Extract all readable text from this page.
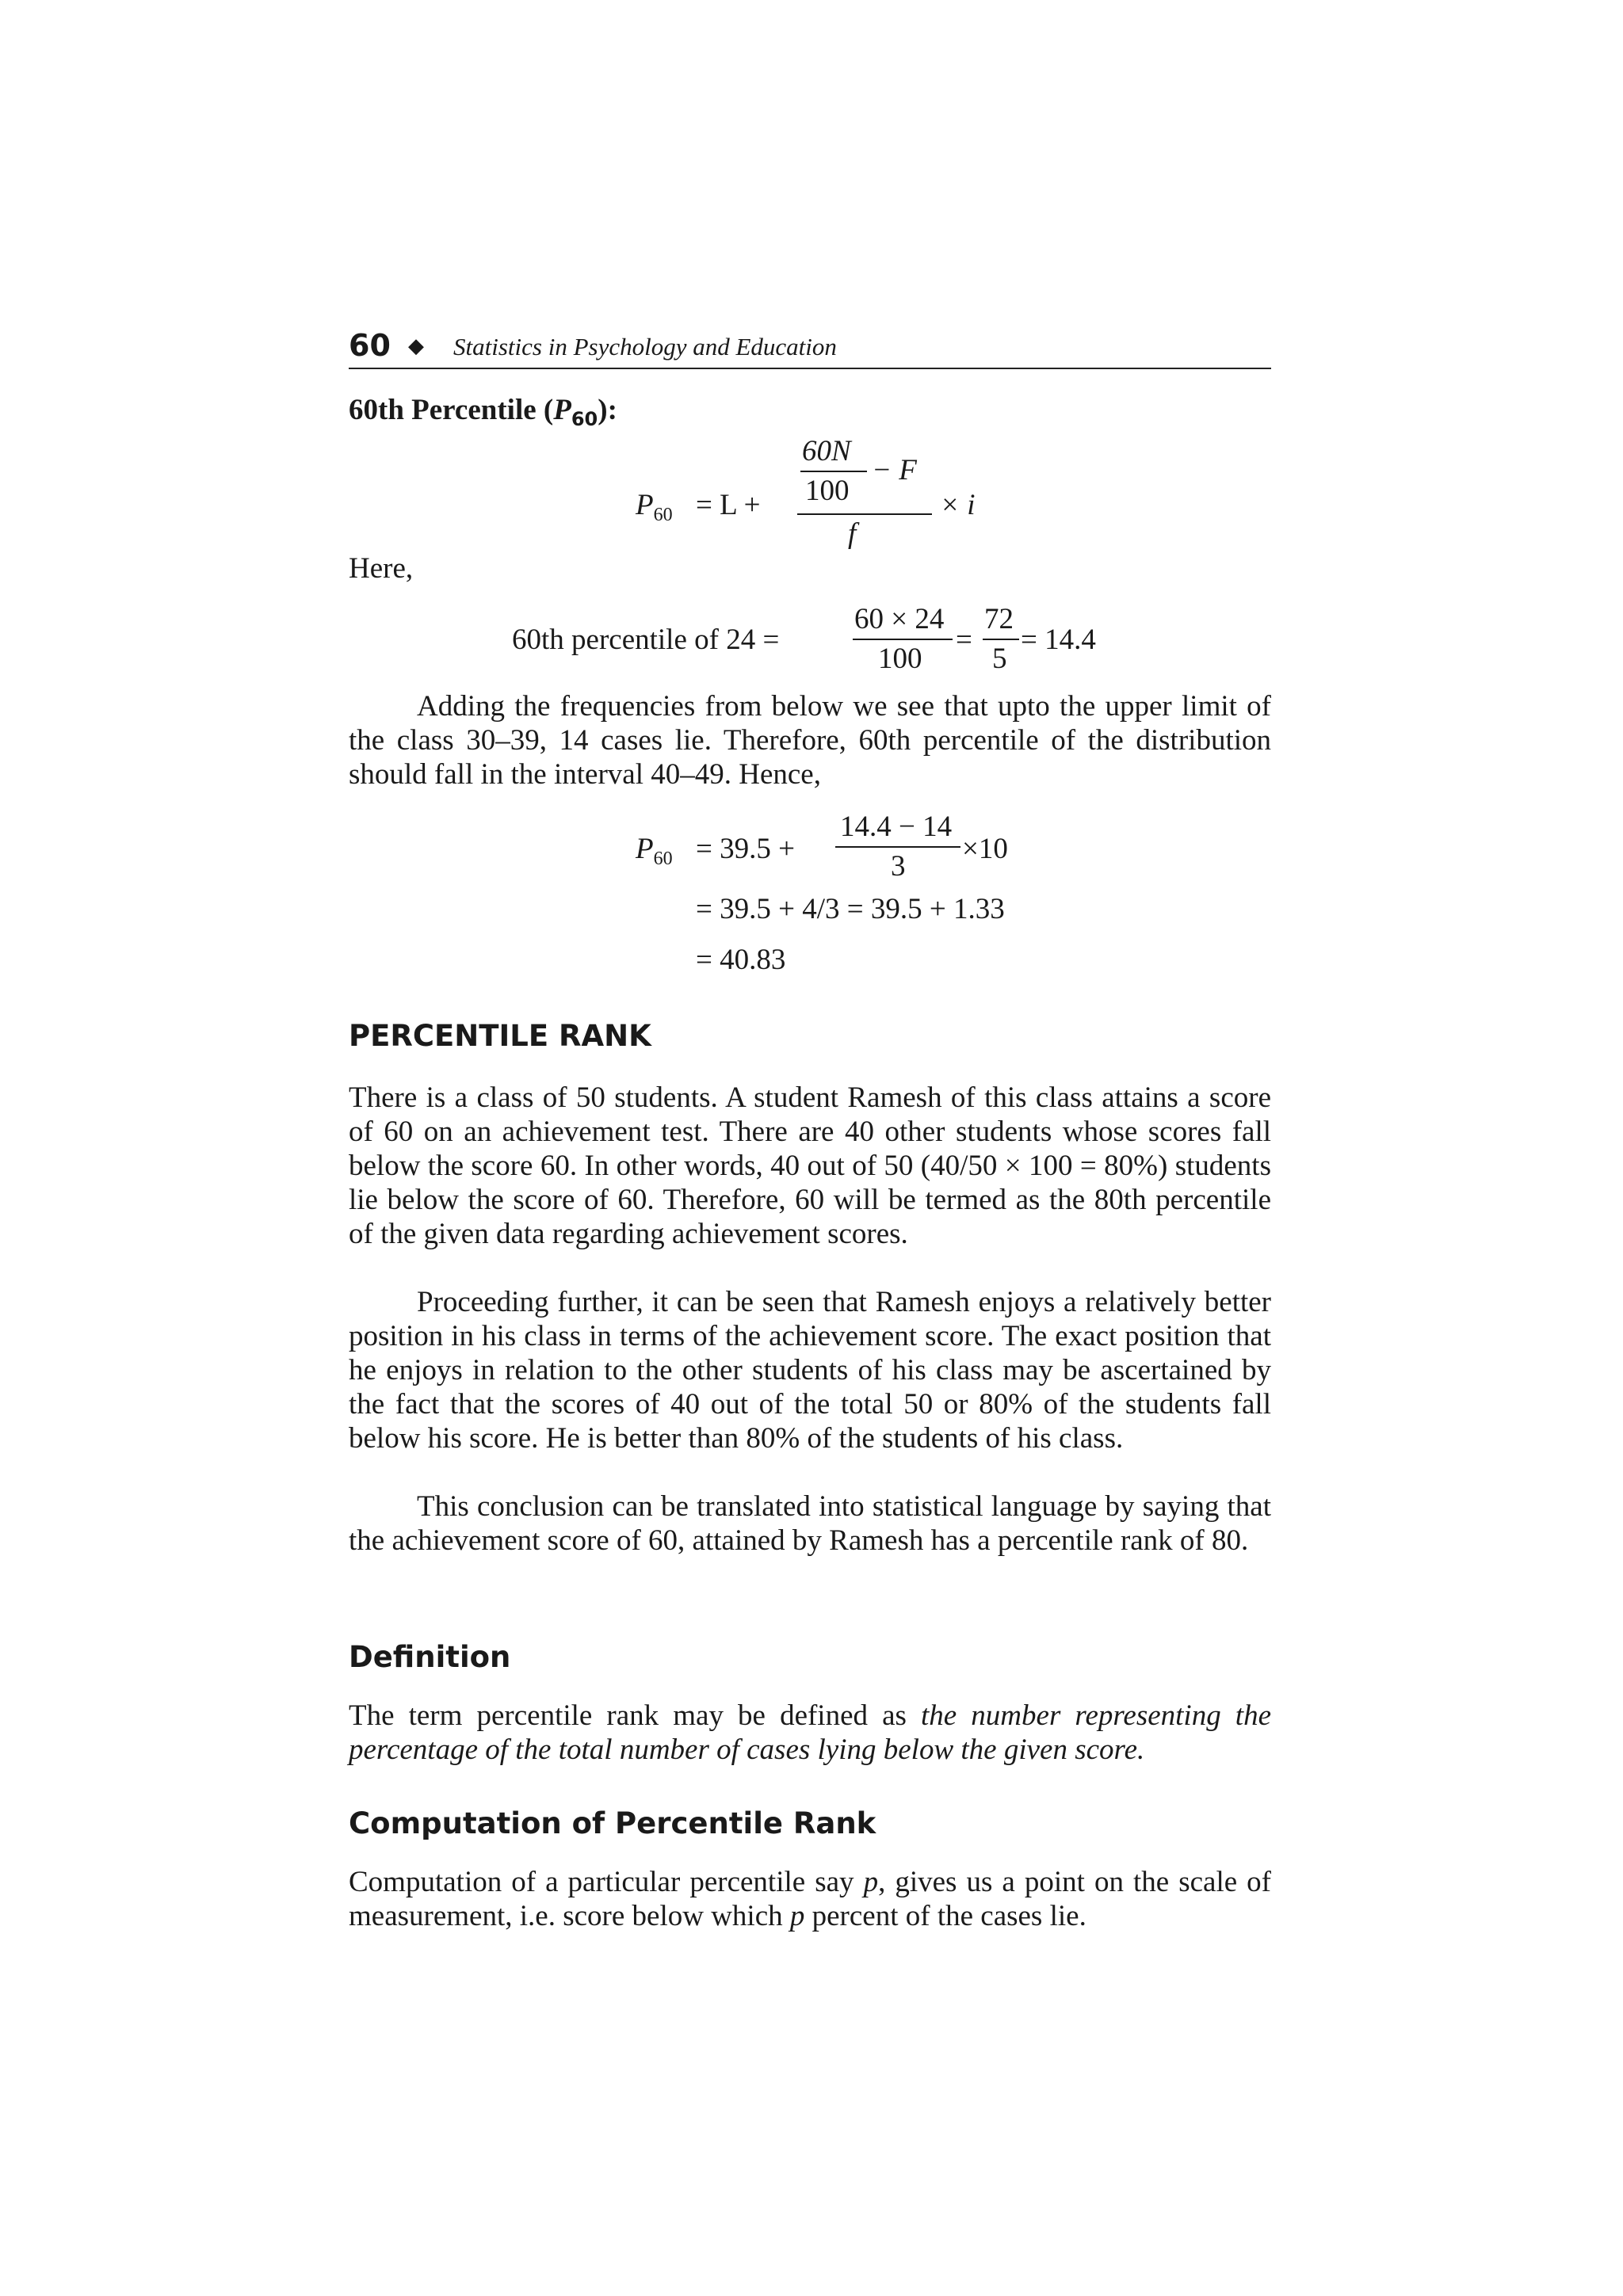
60 ◆ Statistics in Psychology and Education
60th Percentile $(P_{60})$:
$P_{60} = L$ +
60N
100
− F
f
× i
Here,
60th percentile of 24 =
60 × 24
100
=
72
5
= 14.4

Adding the frequencies from below we see that upto the upper limit of the class 30–39, 14 cases lie. Therefore, 60th percentile of the distribution should fall in the interval 40–49. Hence,

$P_{60} = 39.5$ +
14.4 − 14
3
×10
= 39.5 + 4/3 = 39.5 + 1.33
= 40.83
PERCENTILE RANK

There is a class of 50 students. A student Ramesh of this class attains a score of 60 on an achievement test. There are 40 other students whose scores fall below the score 60. In other words, 40 out of 50 (40/50 × 100 = 80%) students lie below the score of 60. Therefore, 60 will be termed as the 80th percentile of the given data regarding achievement scores.

Proceeding further, it can be seen that Ramesh enjoys a relatively better position in his class in terms of the achievement score. The exact position that he enjoys in relation to the other students of his class may be ascertained by the fact that the scores of 40 out of the total 50 or 80% of the students fall below his score. He is better than 80% of the students of his class.

This conclusion can be translated into statistical language by saying that the achievement score of 60, attained by Ramesh has a percentile rank of 80.

Definition

The term percentile rank may be defined as the number representing the percentage of the total number of cases lying below the given score.

Computation of Percentile Rank

Computation of a particular percentile say p, gives us a point on the scale of measurement, i.e. score below which p percent of the cases lie.
